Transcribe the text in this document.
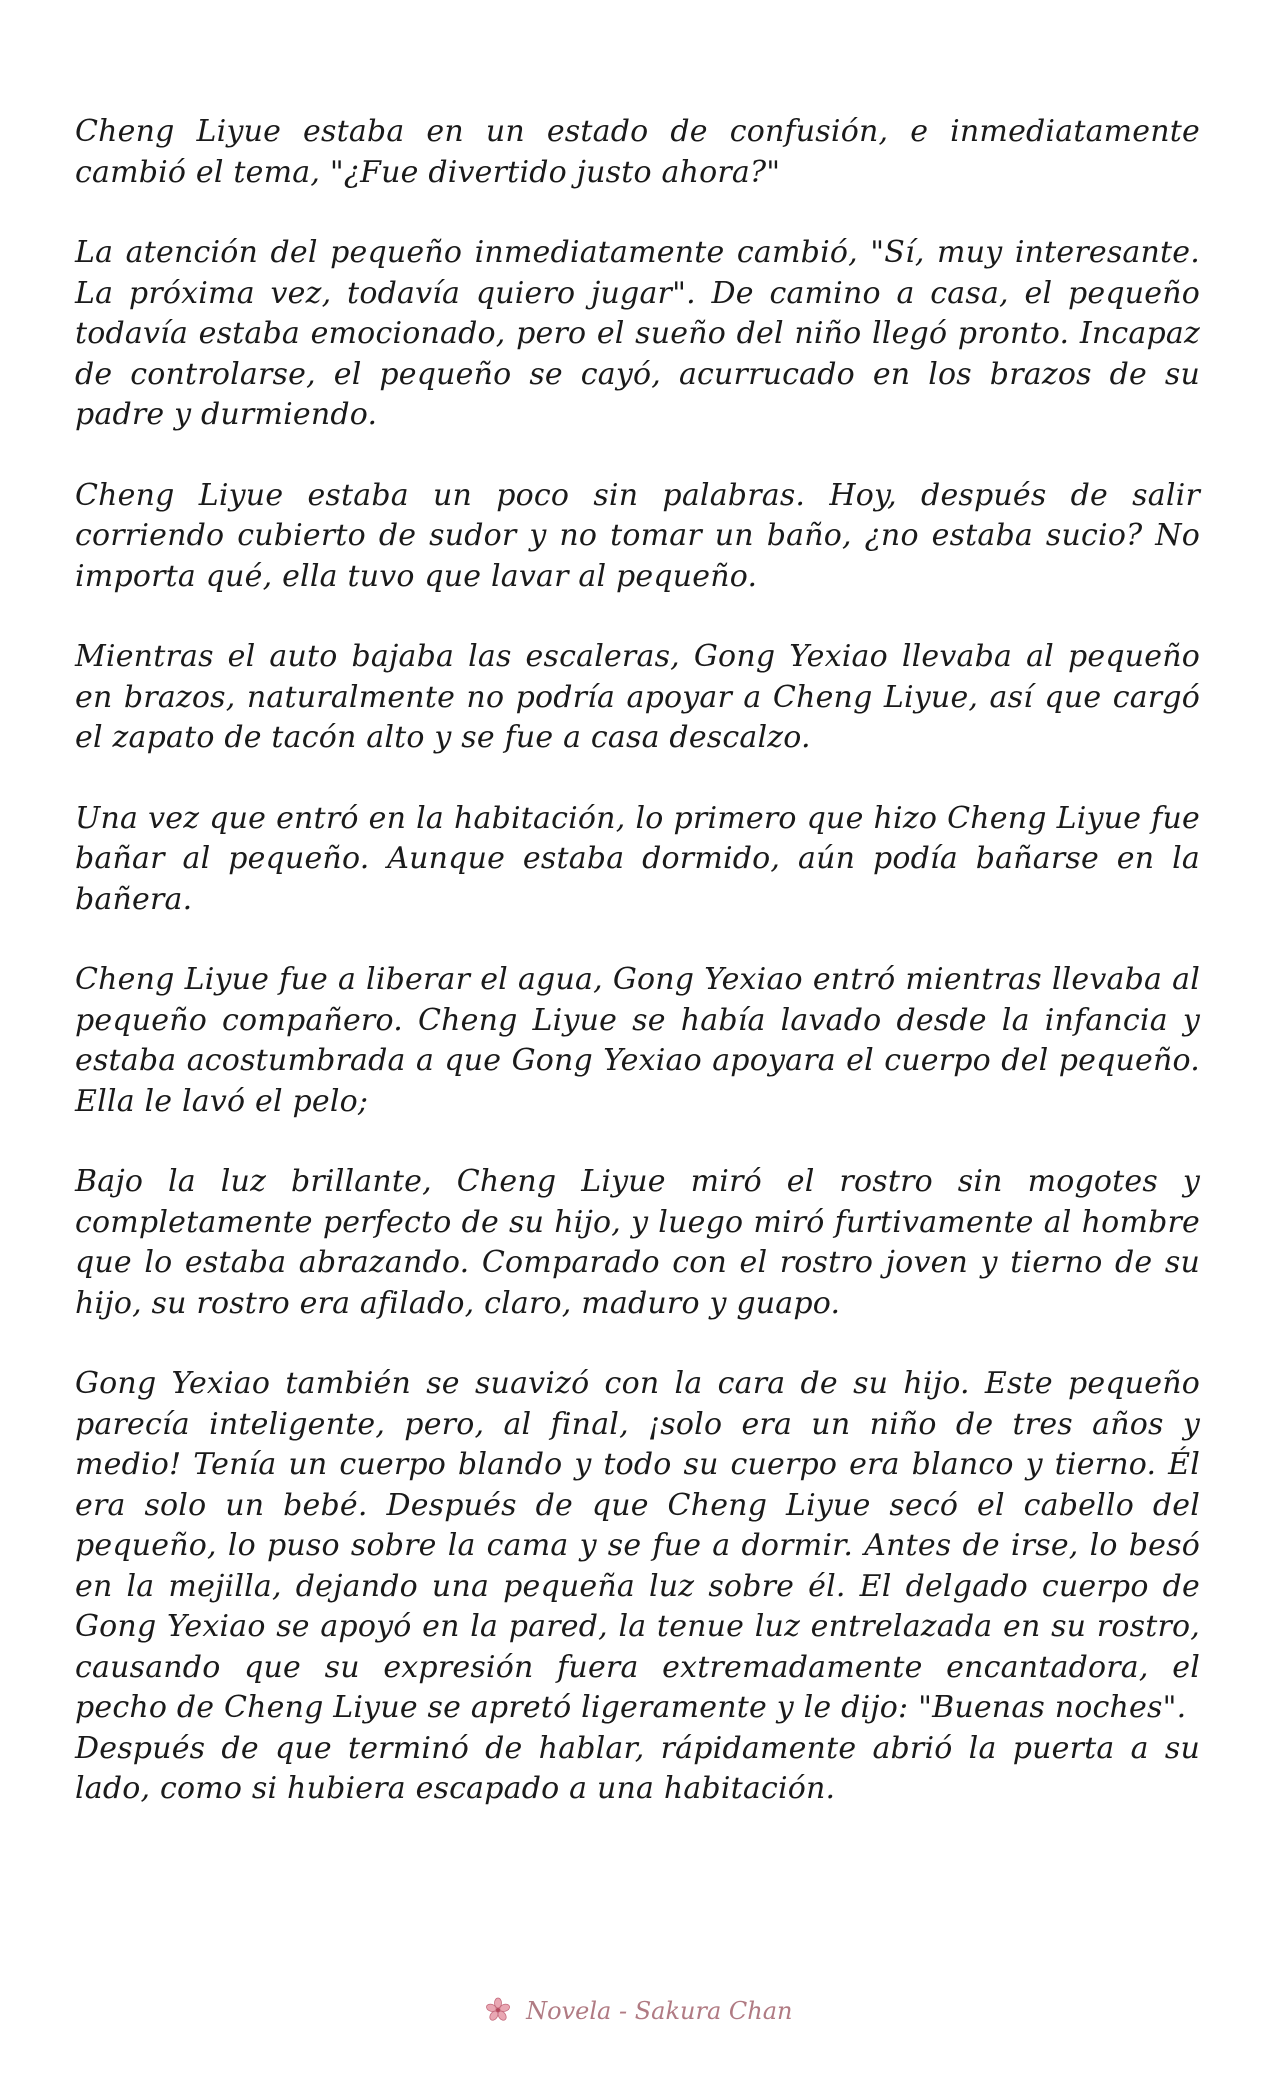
Cheng Liyue estaba en un estado de confusión, e inmediatamente cambió el tema, "¿Fue divertido justo ahora?"

La atención del pequeño inmediatamente cambió, "Sí, muy interesante. La próxima vez, todavía quiero jugar". De camino a casa, el pequeño todavía estaba emocionado, pero el sueño del niño llegó pronto. Incapaz de controlarse, el pequeño se cayó, acurrucado en los brazos de su padre y durmiendo.

Cheng Liyue estaba un poco sin palabras. Hoy, después de salir corriendo cubierto de sudor y no tomar un baño, ¿no estaba sucio? No importa qué, ella tuvo que lavar al pequeño.

Mientras el auto bajaba las escaleras, Gong Yexiao llevaba al pequeño en brazos, naturalmente no podría apoyar a Cheng Liyue, así que cargó el zapato de tacón alto y se fue a casa descalzo.

Una vez que entró en la habitación, lo primero que hizo Cheng Liyue fue bañar al pequeño. Aunque estaba dormido, aún podía bañarse en la bañera.

Cheng Liyue fue a liberar el agua, Gong Yexiao entró mientras llevaba al pequeño compañero. Cheng Liyue se había lavado desde la infancia y estaba acostumbrada a que Gong Yexiao apoyara el cuerpo del pequeño. Ella le lavó el pelo;

Bajo la luz brillante, Cheng Liyue miró el rostro sin mogotes y completamente perfecto de su hijo, y luego miró furtivamente al hombre que lo estaba abrazando. Comparado con el rostro joven y tierno de su hijo, su rostro era afilado, claro, maduro y guapo.

Gong Yexiao también se suavizó con la cara de su hijo. Este pequeño parecía inteligente, pero, al final, ¡solo era un niño de tres años y medio! Tenía un cuerpo blando y todo su cuerpo era blanco y tierno. Él era solo un bebé. Después de que Cheng Liyue secó el cabello del pequeño, lo puso sobre la cama y se fue a dormir. Antes de irse, lo besó en la mejilla, dejando una pequeña luz sobre él. El delgado cuerpo de Gong Yexiao se apoyó en la pared, la tenue luz entrelazada en su rostro, causando que su expresión fuera extremadamente encantadora, el pecho de Cheng Liyue se apretó ligeramente y le dijo: "Buenas noches".

Después de que terminó de hablar, rápidamente abrió la puerta a su lado, como si hubiera escapado a una habitación.

Novela - Sakura Chan
